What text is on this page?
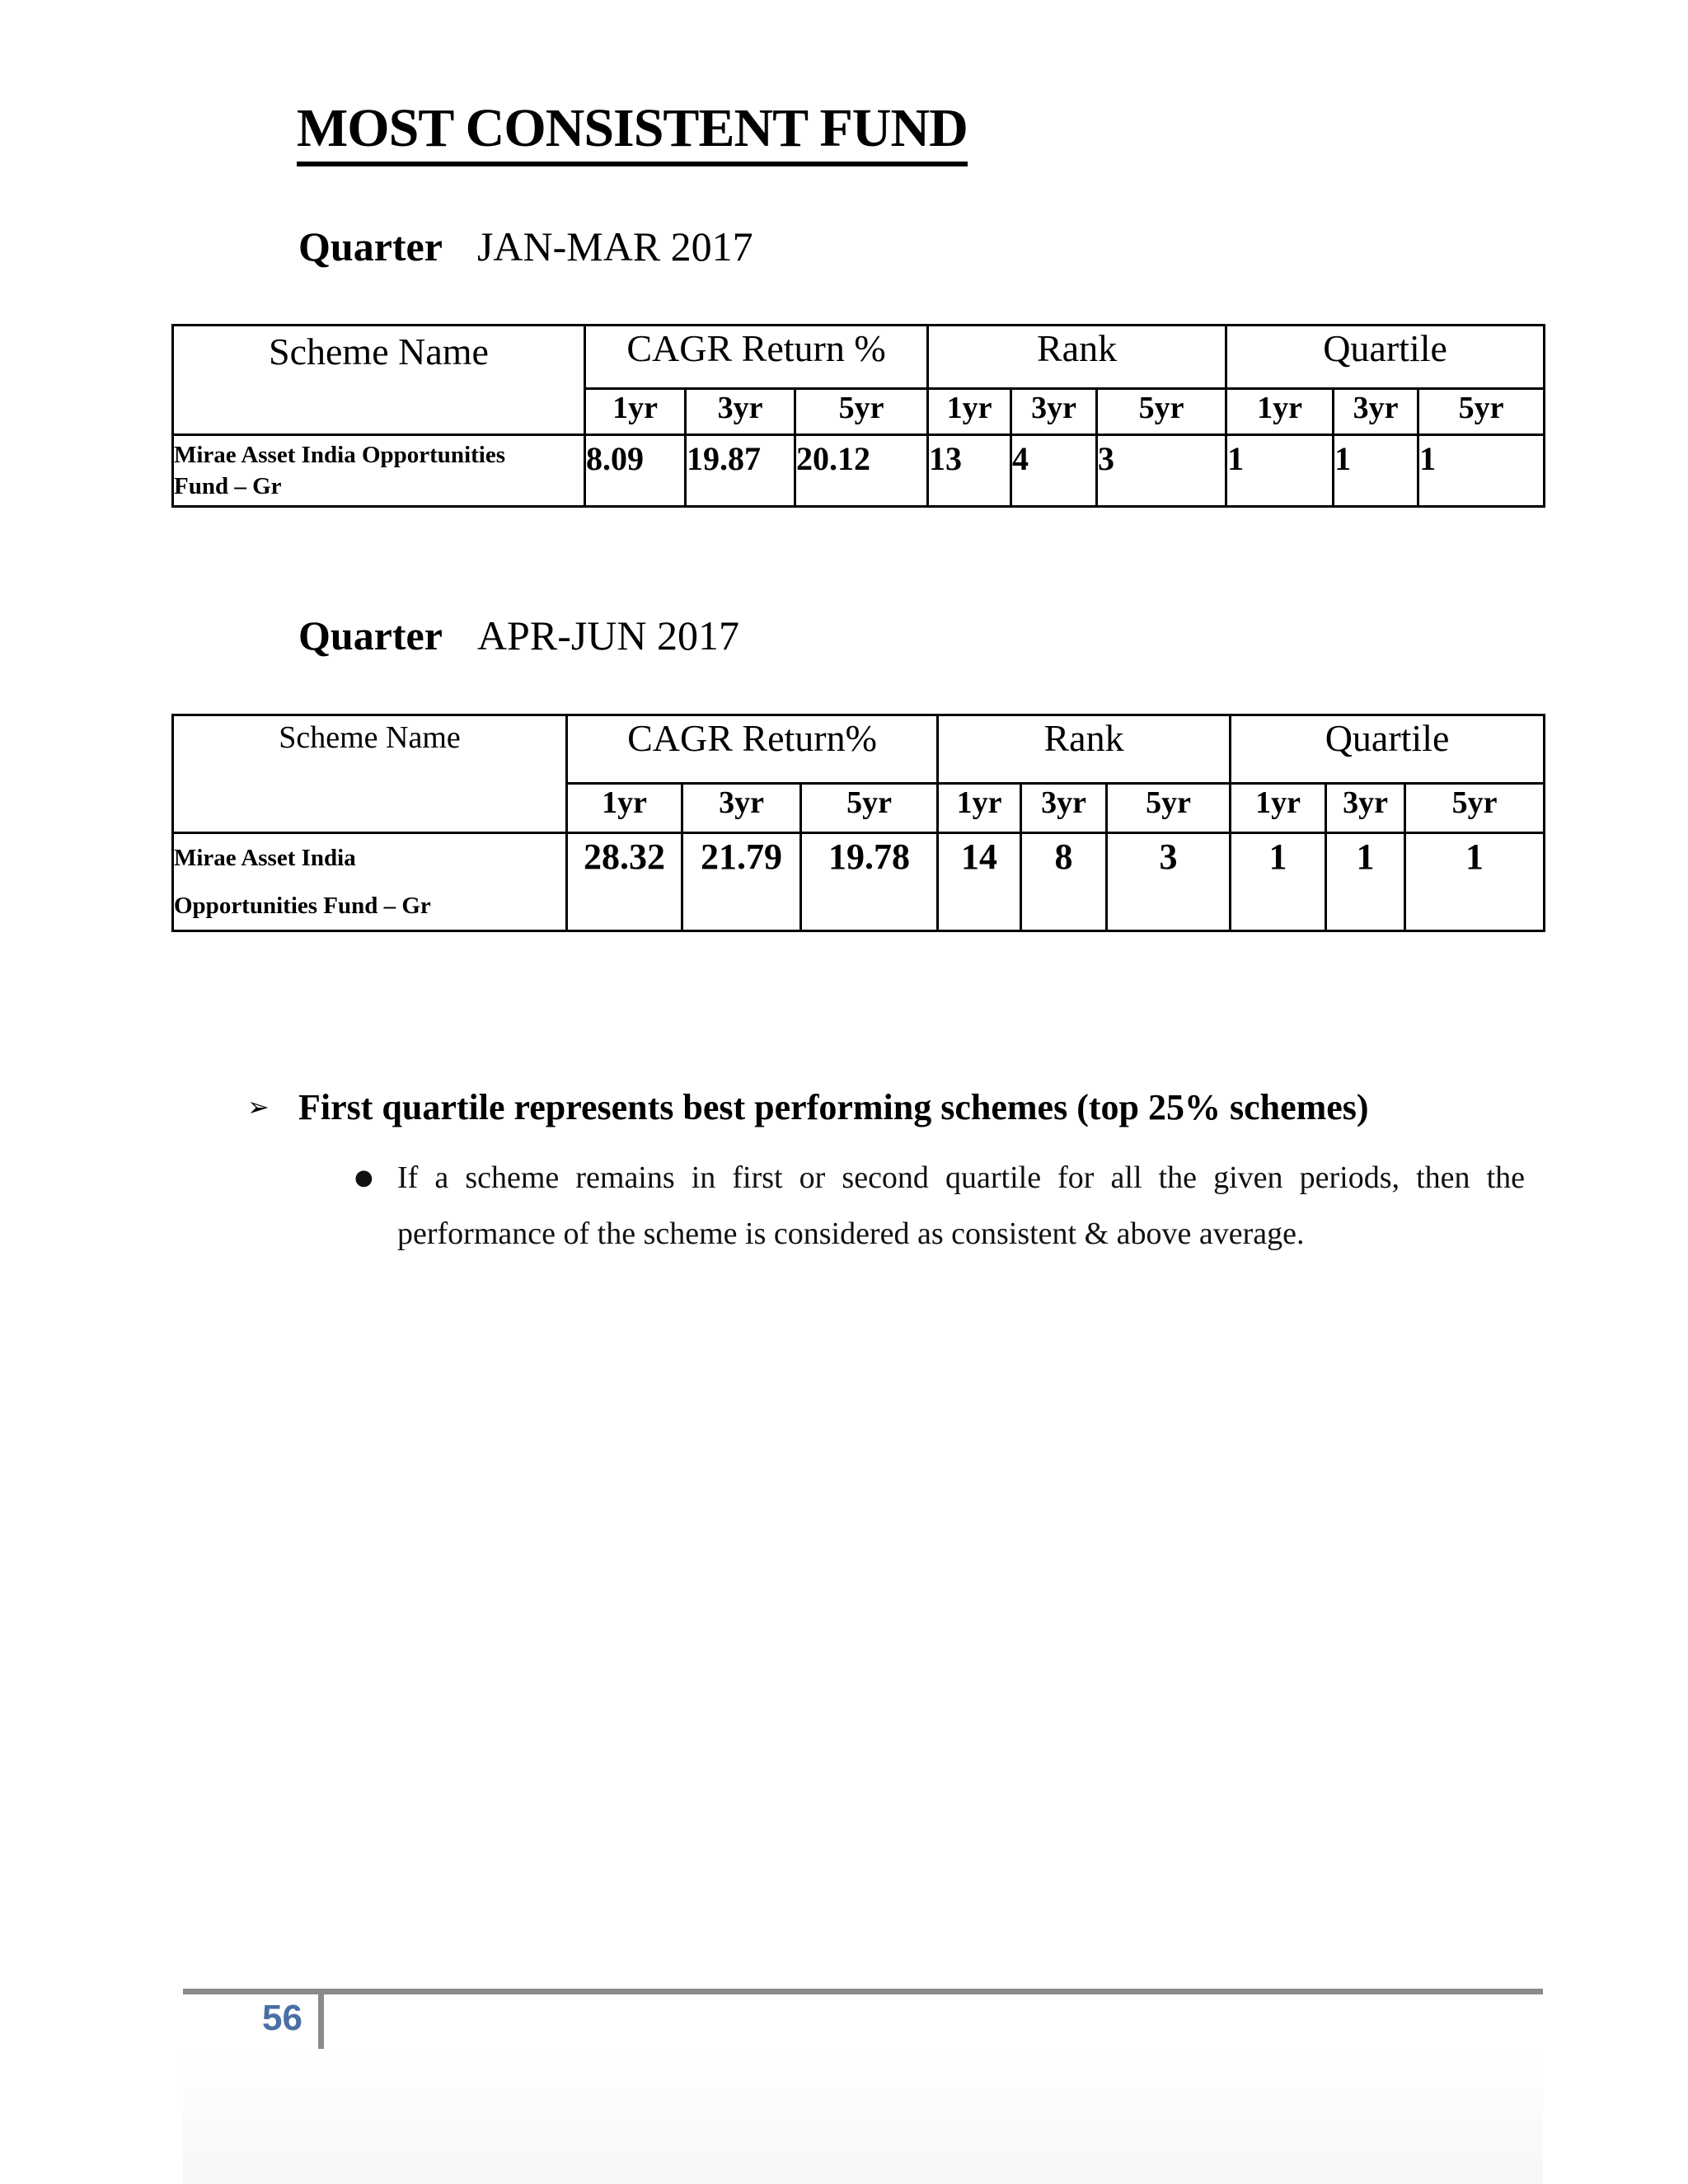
MOST CONSISTENT FUND
Quarter JAN-MAR 2017
Scheme Name	CAGR Return %			Rank			Quartile		
	1yr	3yr	5yr	1yr	3yr	5yr	1yr	3yr	5yr

Mirae Asset India Opportunities
Fund – Gr	8.09	19.87	20.12	13	4	3	1	1	1
Quarter APR-JUN 2017
Scheme Name	CAGR Return%			Rank			Quartile		
	1yr	3yr	5yr	1yr	3yr	5yr	1yr	3yr	5yr

Mirae Asset India
Opportunities Fund – Gr	28.32	21.79	19.78	14	8	3	1	1	1
➢ First quartile represents best performing schemes (top 25% schemes)
● If a scheme remains in first or second quartile for all the given periods, then the performance of the scheme is considered as consistent & above average.
56
